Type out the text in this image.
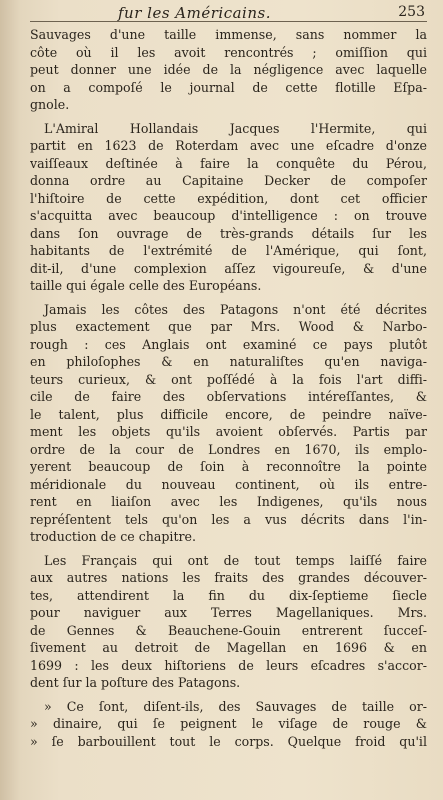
fur les Américains.	253
Sauvages d'une taille immense, sans nommer la
côte où il les avoit rencontrés ; omiſſion qui
peut donner une idée de la négligence avec laquelle
on a compoſé le journal de cette flotille Eſpa-
gnole.
L'Amiral Hollandais Jacques l'Hermite, qui
partit en 1623 de Roterdam avec une eſcadre d'onze
vaiſſeaux deſtinée à faire la conquête du Pérou,
donna ordre au Capitaine Decker de compoſer
l'hiſtoire de cette expédition, dont cet officier
s'acquitta avec beaucoup d'intelligence : on trouve
dans ſon ouvrage de très-grands détails ſur les
habitants de l'extrémité de l'Amérique, qui ſont,
dit-il, d'une complexion aſſez vigoureuſe, & d'une
taille qui égale celle des Européans.
Jamais les côtes des Patagons n'ont été décrites
plus exactement que par Mrs. Wood & Narbo-
rough : ces Anglais ont examiné ce pays plutôt
en philoſophes & en naturaliſtes qu'en naviga-
teurs curieux, & ont poſſédé à la fois l'art diffi-
cile de faire des obſervations intéreſſantes, &
le talent, plus difficile encore, de peindre naïve-
ment les objets qu'ils avoient obſervés. Partis par
ordre de la cour de Londres en 1670, ils emplo-
yerent beaucoup de ſoin à reconnoître la pointe
méridionale du nouveau continent, où ils entre-
rent en liaiſon avec les Indigenes, qu'ils nous
repréſentent tels qu'on les a vus décrits dans l'in-
troduction de ce chapitre.
Les Français qui ont de tout temps laiſſé faire
aux autres nations les fraits des grandes découver-
tes, attendirent la fin du dix-ſeptieme ſiecle
pour naviguer aux Terres Magellaniques. Mrs.
de Gennes & Beauchene-Gouin entrerent ſucceſ-
ſivement au detroit de Magellan en 1696 & en
1699 : les deux hiſtoriens de leurs eſcadres s'accor-
dent ſur la poſture des Patagons.
» Ce ſont, diſent-ils, des Sauvages de taille or-
» dinaire, qui ſe peignent le viſage de rouge &
» ſe barbouillent tout le corps. Quelque froid qu'il
